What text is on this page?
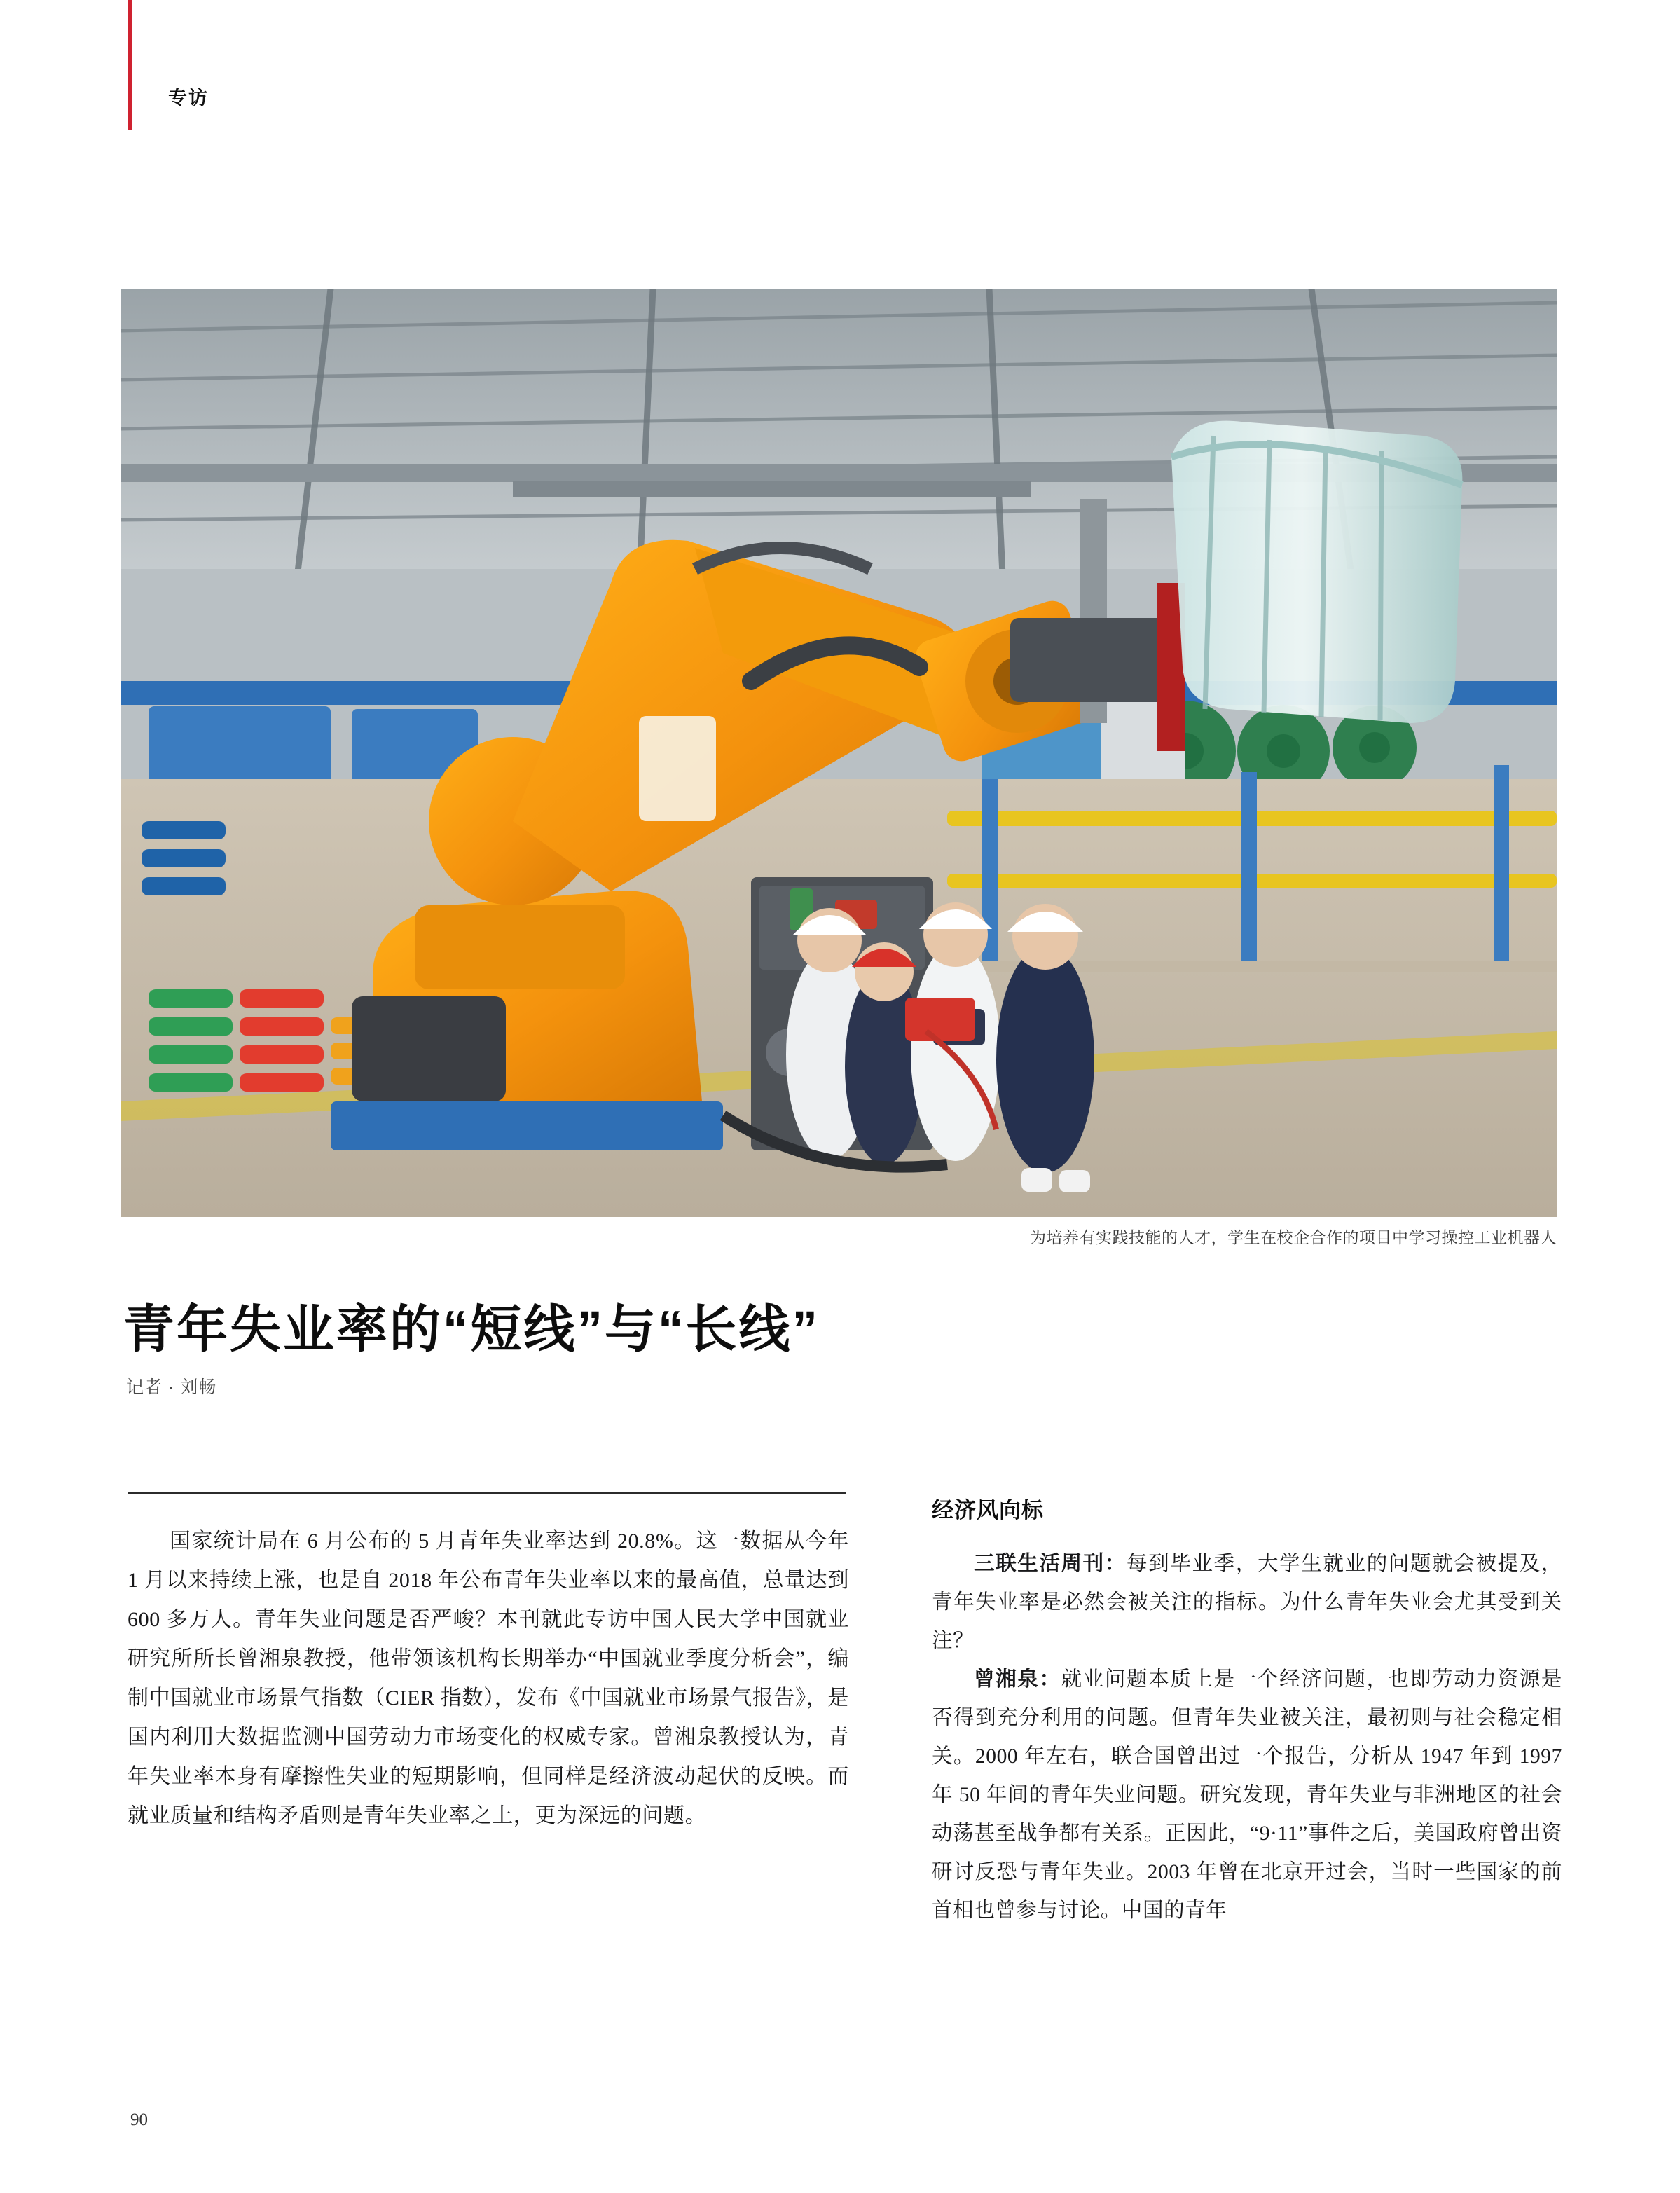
专访
为培养有实践技能的人才，学生在校企合作的项目中学习操控工业机器人
青年失业率的“短线”与“长线”
记者 · 刘畅

国家统计局在 6 月公布的 5 月青年失业率达到 20.8%。这一数据从今年 1 月以来持续上涨，也是自 2018 年公布青年失业率以来的最高值，总量达到 600 多万人。青年失业问题是否严峻？本刊就此专访中国人民大学中国就业研究所所长曾湘泉教授，他带领该机构长期举办“中国就业季度分析会”，编制中国就业市场景气指数（CIER 指数），发布《中国就业市场景气报告》，是国内利用大数据监测中国劳动力市场变化的权威专家。曾湘泉教授认为，青年失业率本身有摩擦性失业的短期影响，但同样是经济波动起伏的反映。而就业质量和结构矛盾则是青年失业率之上，更为深远的问题。

经济风向标

三联生活周刊：每到毕业季，大学生就业的问题就会被提及，青年失业率是必然会被关注的指标。为什么青年失业会尤其受到关注？

曾湘泉：就业问题本质上是一个经济问题，也即劳动力资源是否得到充分利用的问题。但青年失业被关注，最初则与社会稳定相关。2000 年左右，联合国曾出过一个报告，分析从 1947 年到 1997 年 50 年间的青年失业问题。研究发现，青年失业与非洲地区的社会动荡甚至战争都有关系。正因此，“9·11”事件之后，美国政府曾出资研讨反恐与青年失业。2003 年曾在北京开过会，当时一些国家的前首相也曾参与讨论。中国的青年

90
